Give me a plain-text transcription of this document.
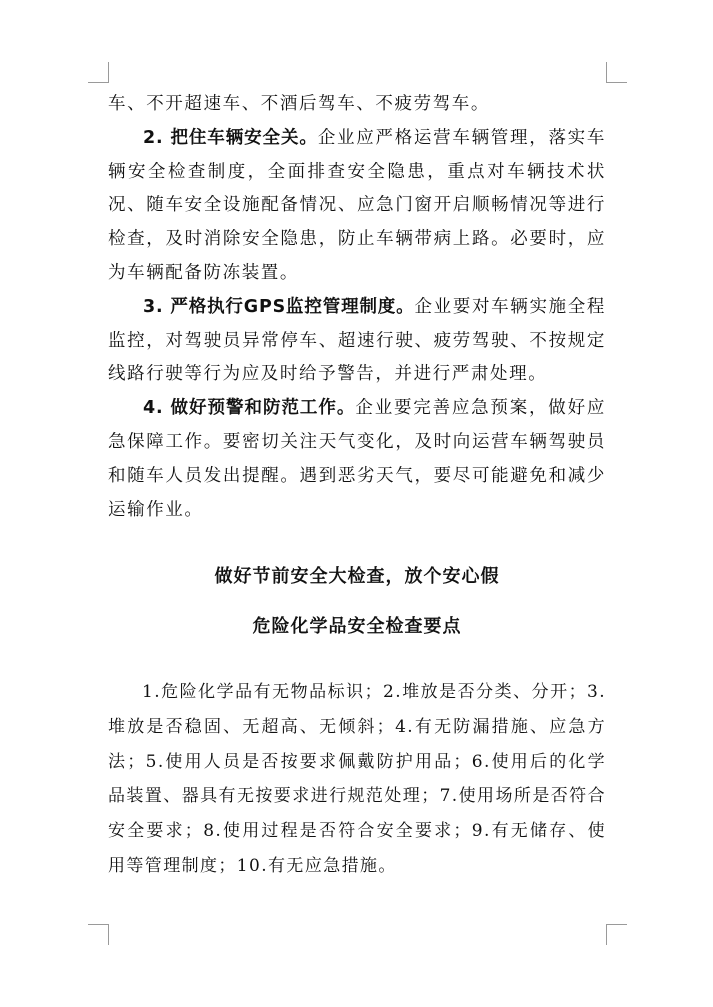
车、不开超速车、不酒后驾车、不疲劳驾车。

2. 把住车辆安全关。企业应严格运营车辆管理，落实车辆安全检查制度，全面排查安全隐患，重点对车辆技术状况、随车安全设施配备情况、应急门窗开启顺畅情况等进行检查，及时消除安全隐患，防止车辆带病上路。必要时，应为车辆配备防冻装置。

3. 严格执行GPS监控管理制度。企业要对车辆实施全程监控，对驾驶员异常停车、超速行驶、疲劳驾驶、不按规定线路行驶等行为应及时给予警告，并进行严肃处理。

4. 做好预警和防范工作。企业要完善应急预案，做好应急保障工作。要密切关注天气变化，及时向运营车辆驾驶员和随车人员发出提醒。遇到恶劣天气，要尽可能避免和减少运输作业。

做好节前安全大检查，放个安心假
危险化学品安全检查要点

1.危险化学品有无物品标识；2.堆放是否分类、分开；3.堆放是否稳固、无超高、无倾斜；4.有无防漏措施、应急方法；5.使用人员是否按要求佩戴防护用品；6.使用后的化学品装置、器具有无按要求进行规范处理；7.使用场所是否符合安全要求；8.使用过程是否符合安全要求；9.有无储存、使用等管理制度；10.有无应急措施。
